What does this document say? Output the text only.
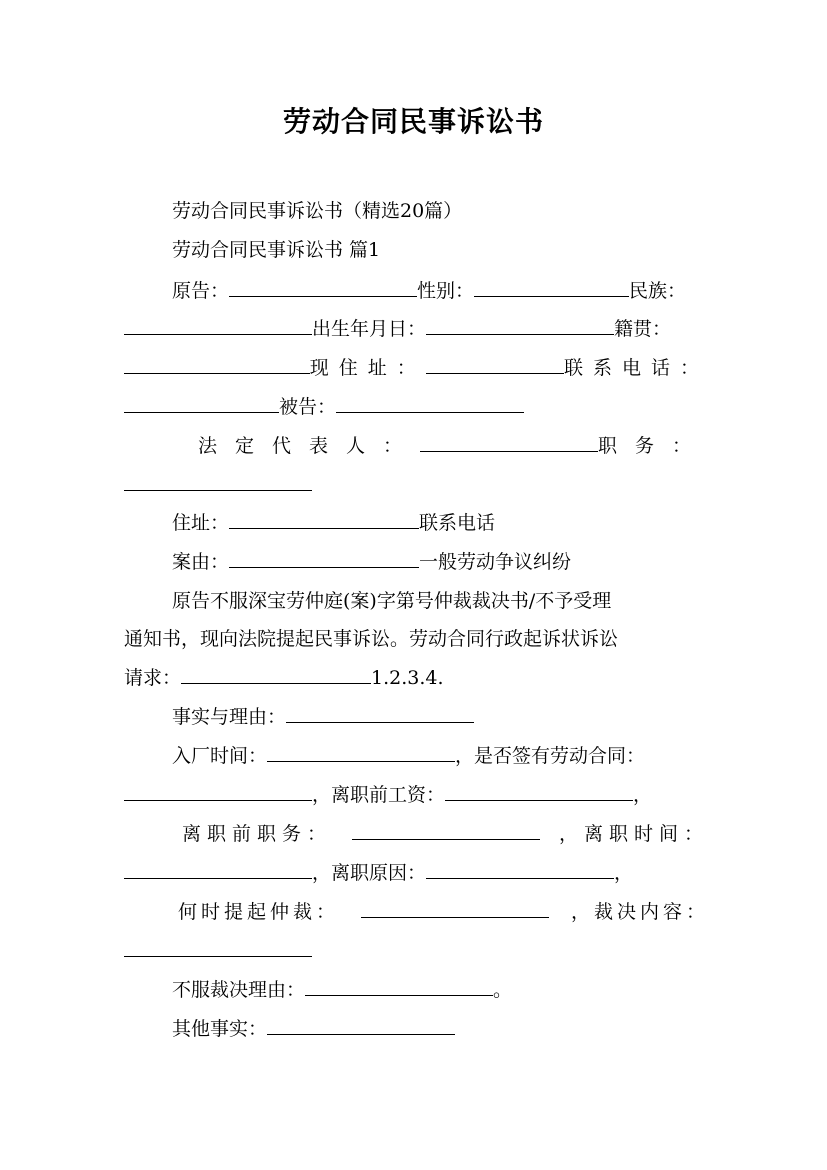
劳动合同民事诉讼书
劳动合同民事诉讼书（精选20篇）
劳动合同民事诉讼书 篇1
原告：	性别：	民族：
出生年月日：	籍贯：
现住址：	联系电话：
被告：
法定代表人：	职务：
住址：	联系电话
案由：	一般劳动争议纠纷
原告不服深宝劳仲庭(案)字第号仲裁裁决书/不予受理
通知书，现向法院提起民事诉讼。劳动合同行政起诉状诉讼
请求：	1.2.3.4.
事实与理由：
入厂时间：	，是否签有劳动合同：
，离职前工资：	，
离职前职务：	，离职时间：
，离职原因：	，
何时提起仲裁：	，裁决内容：
不服裁决理由：	。
其他事实：
